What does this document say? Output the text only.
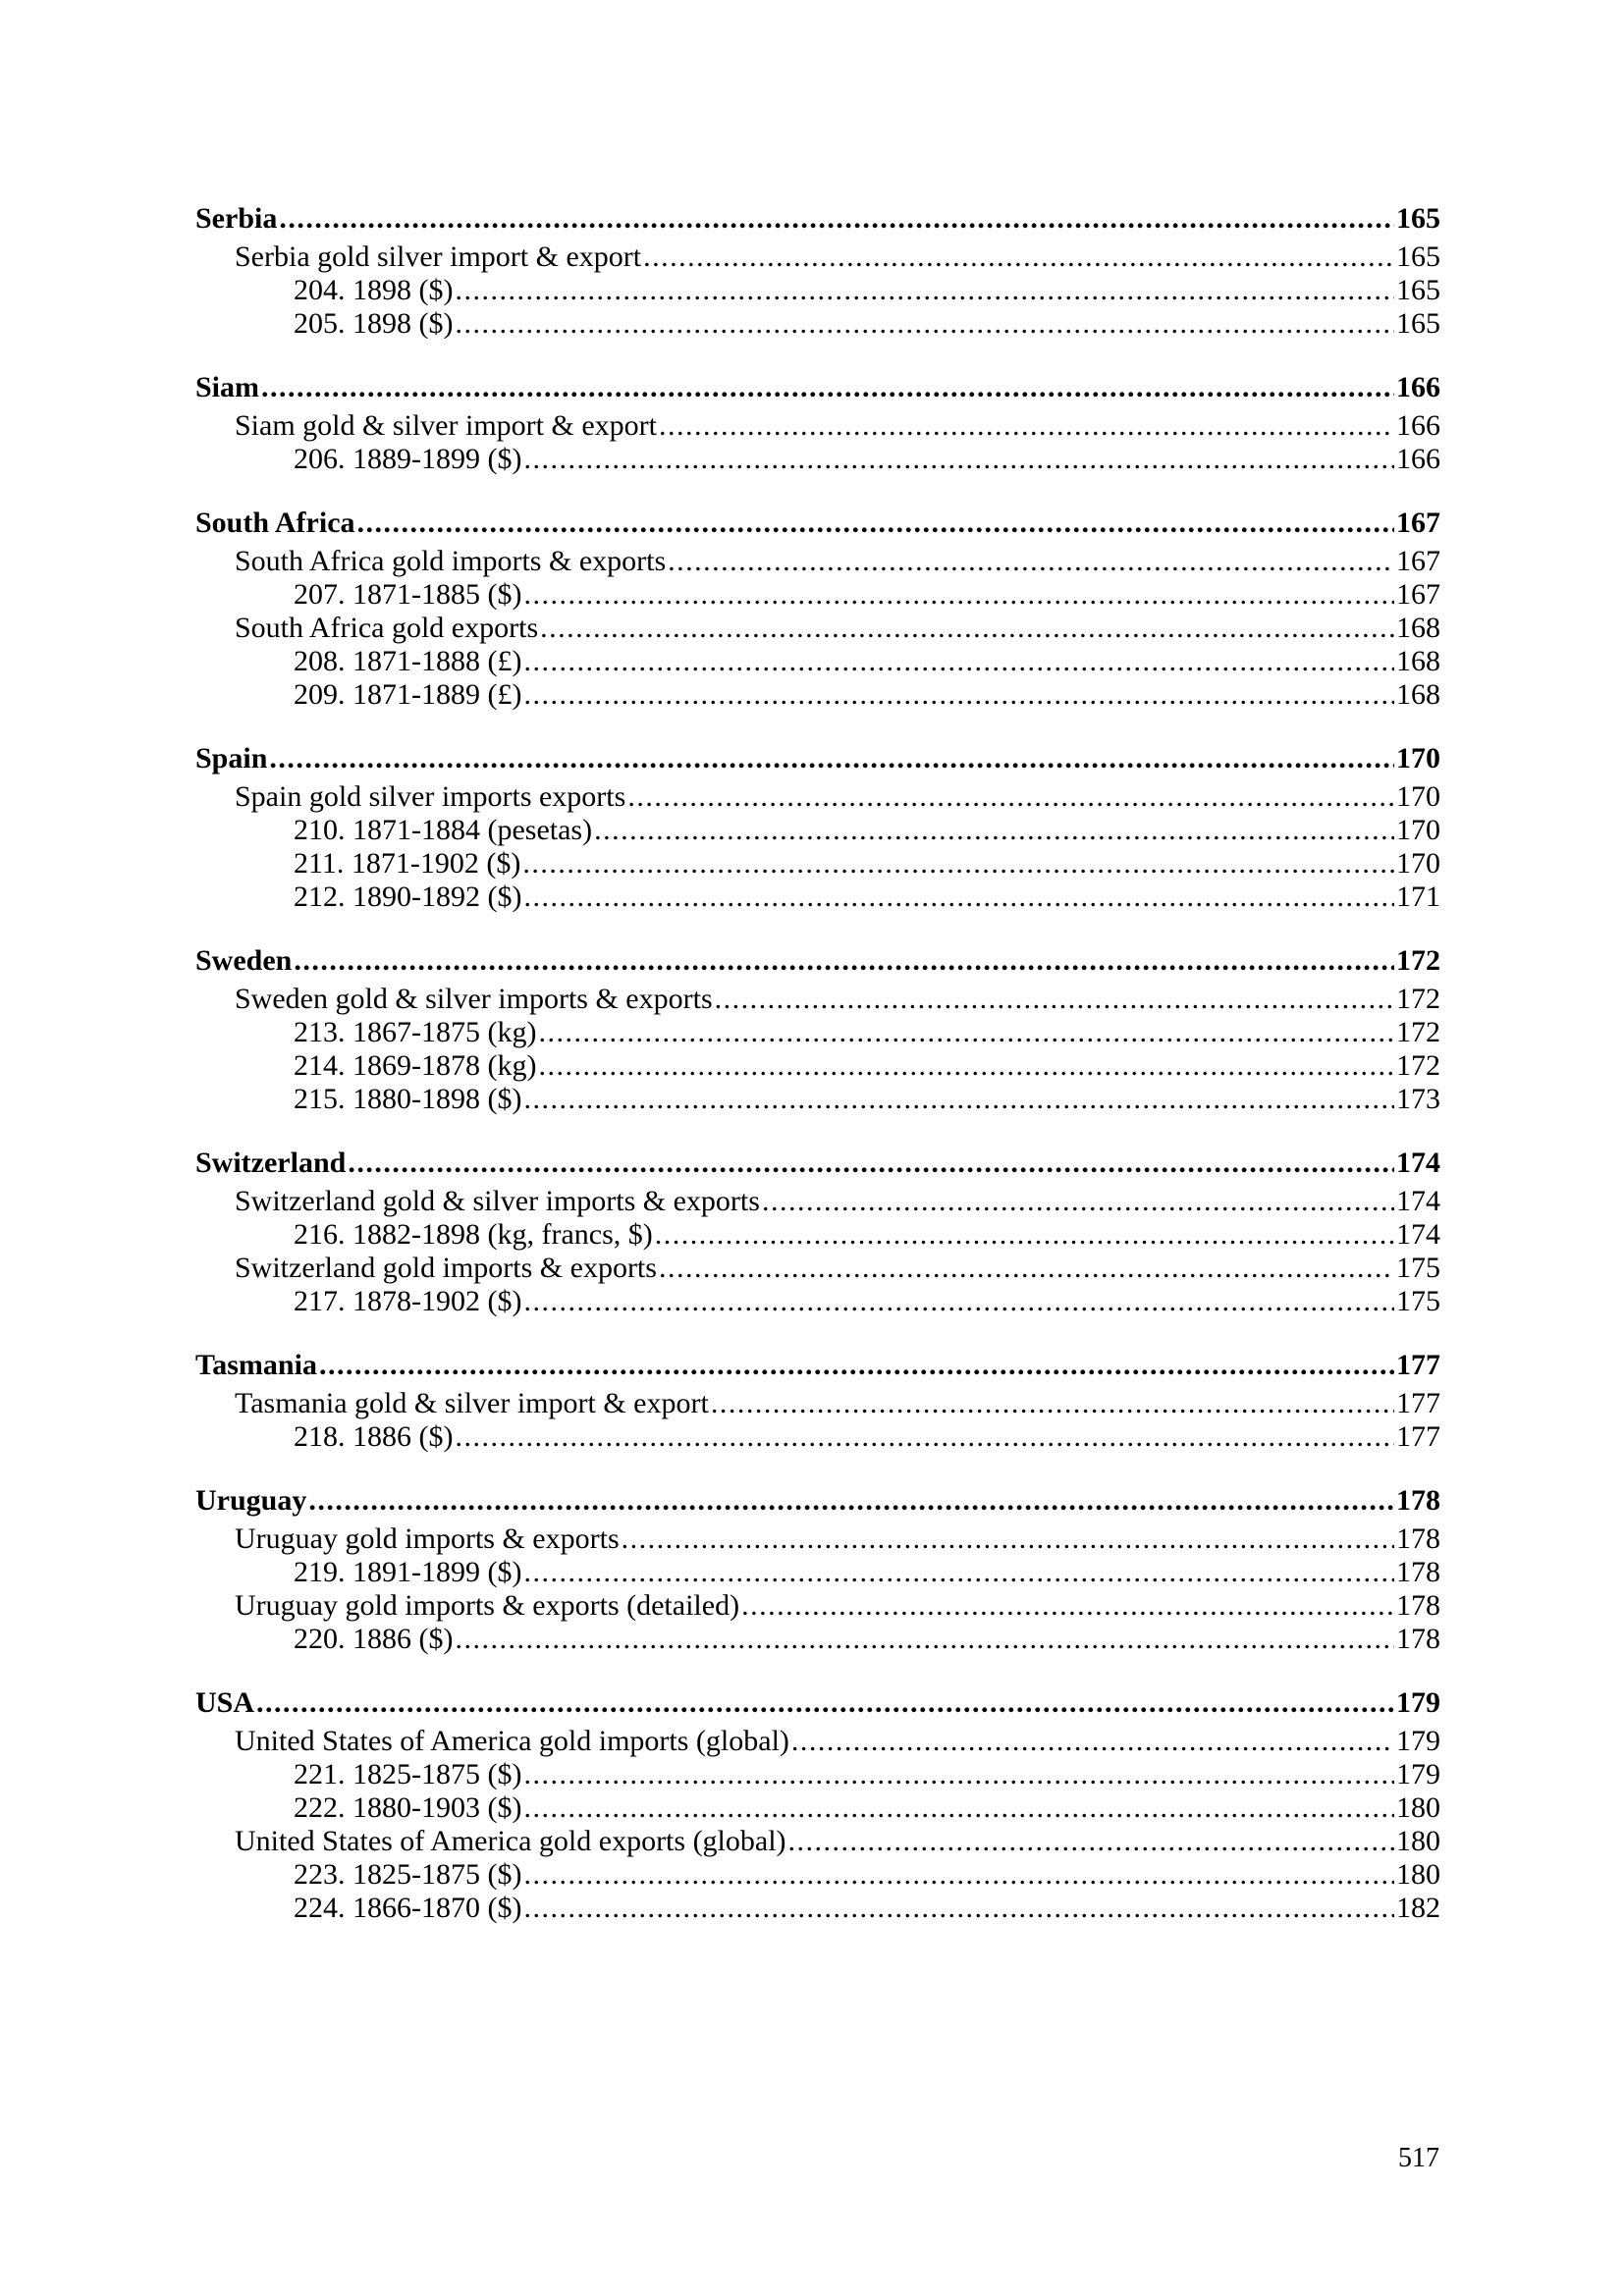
Serbia . . .	165
Serbia gold silver import & export . . .	165
204. 1898 ($) . . .	165
205. 1898 ($) . . .	165
Siam . . .	166
Siam gold & silver import & export . . .	166
206. 1889-1899 ($) . . .	166
South Africa . . .	167
South Africa gold imports & exports . . .	167
207. 1871-1885 ($) . . .	167
South Africa gold exports . . .	168
208. 1871-1888 (£) . . .	168
209. 1871-1889 (£) . . .	168
Spain . . .	170
Spain gold silver imports exports . . .	170
210. 1871-1884 (pesetas) . . .	170
211. 1871-1902 ($) . . .	170
212. 1890-1892 ($) . . .	171
Sweden . . .	172
Sweden gold & silver imports & exports . . .	172
213. 1867-1875 (kg) . . .	172
214. 1869-1878 (kg) . . .	172
215. 1880-1898 ($) . . .	173
Switzerland . . .	174
Switzerland gold & silver imports & exports . . .	174
216. 1882-1898 (kg, francs, $) . . .	174
Switzerland gold imports & exports . . .	175
217. 1878-1902 ($) . . .	175
Tasmania . . .	177
Tasmania gold & silver import & export . . .	177
218. 1886 ($) . . .	177
Uruguay . . .	178
Uruguay gold imports & exports . . .	178
219. 1891-1899 ($) . . .	178
Uruguay gold imports & exports (detailed) . . .	178
220. 1886 ($) . . .	178
USA . . .	179
United States of America gold imports (global) . . .	179
221. 1825-1875 ($) . . .	179
222. 1880-1903 ($) . . .	180
United States of America gold exports (global) . . .	180
223. 1825-1875 ($) . . .	180
224. 1866-1870 ($) . . .	182
517
